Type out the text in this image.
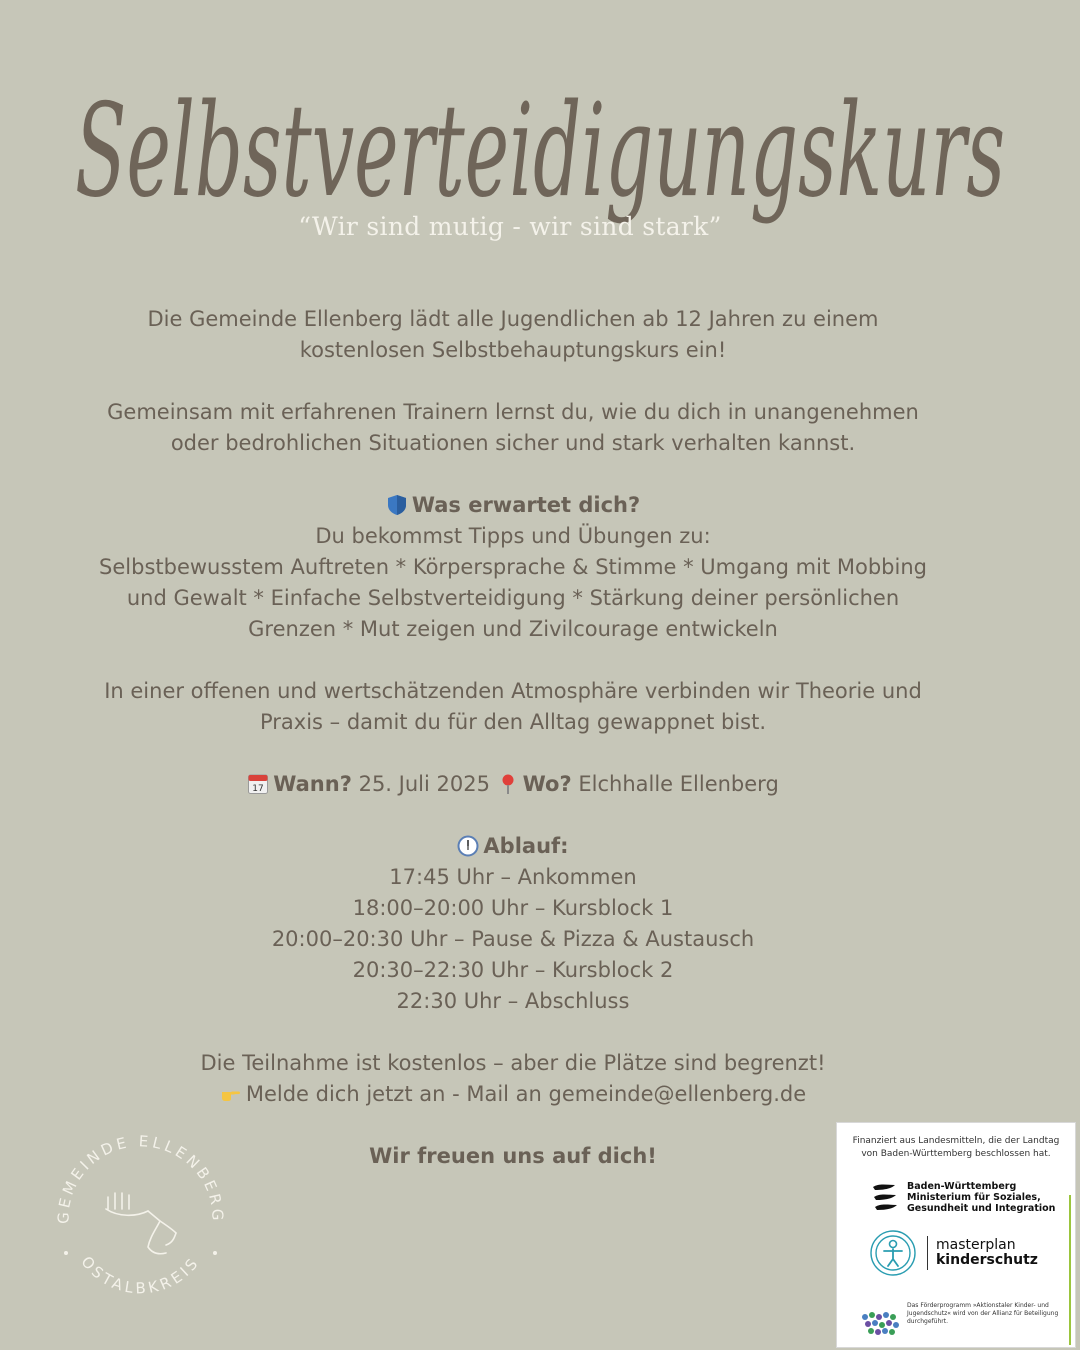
Selbstverteidigungskurs
“Wir sind mutig - wir sind stark”

Die Gemeinde Ellenberg lädt alle Jugendlichen ab 12 Jahren zu einem

kostenlosen Selbstbehauptungskurs ein!

Gemeinsam mit erfahrenen Trainern lernst du, wie du dich in unangenehmen

oder bedrohlichen Situationen sicher und stark verhalten kannst.

Was erwartet dich?

Du bekommst Tipps und Übungen zu:

Selbstbewusstem Auftreten * Körpersprache & Stimme * Umgang mit Mobbing

und Gewalt * Einfache Selbstverteidigung * Stärkung deiner persönlichen

Grenzen * Mut zeigen und Zivilcourage entwickeln

In einer offenen und wertschätzenden Atmosphäre verbinden wir Theorie und

Praxis – damit du für den Alltag gewappnet bist.

17 Wann? 25. Juli 2025 Wo? Elchhalle Ellenberg

Ablauf:

17:45 Uhr – Ankommen

18:00–20:00 Uhr – Kursblock 1

20:00–20:30 Uhr – Pause & Pizza & Austausch

20:30–22:30 Uhr – Kursblock 2

22:30 Uhr – Abschluss

Die Teilnahme ist kostenlos – aber die Plätze sind begrenzt!

Melde dich jetzt an - Mail an gemeinde@ellenberg.de

Wir freuen uns auf dich!

GEMEINDE ELLENBERG
OSTALBKREIS
Finanziert aus Landesmitteln, die der Landtag
von Baden-Württemberg beschlossen hat.
Baden-Württemberg
Ministerium für Soziales,
Gesundheit und Integration
masterplan
kinderschutz
Das Förderprogramm »Aktionstaler Kinder- und Jugendschutz« wird von der Allianz für Beteiligung durchgeführt.
